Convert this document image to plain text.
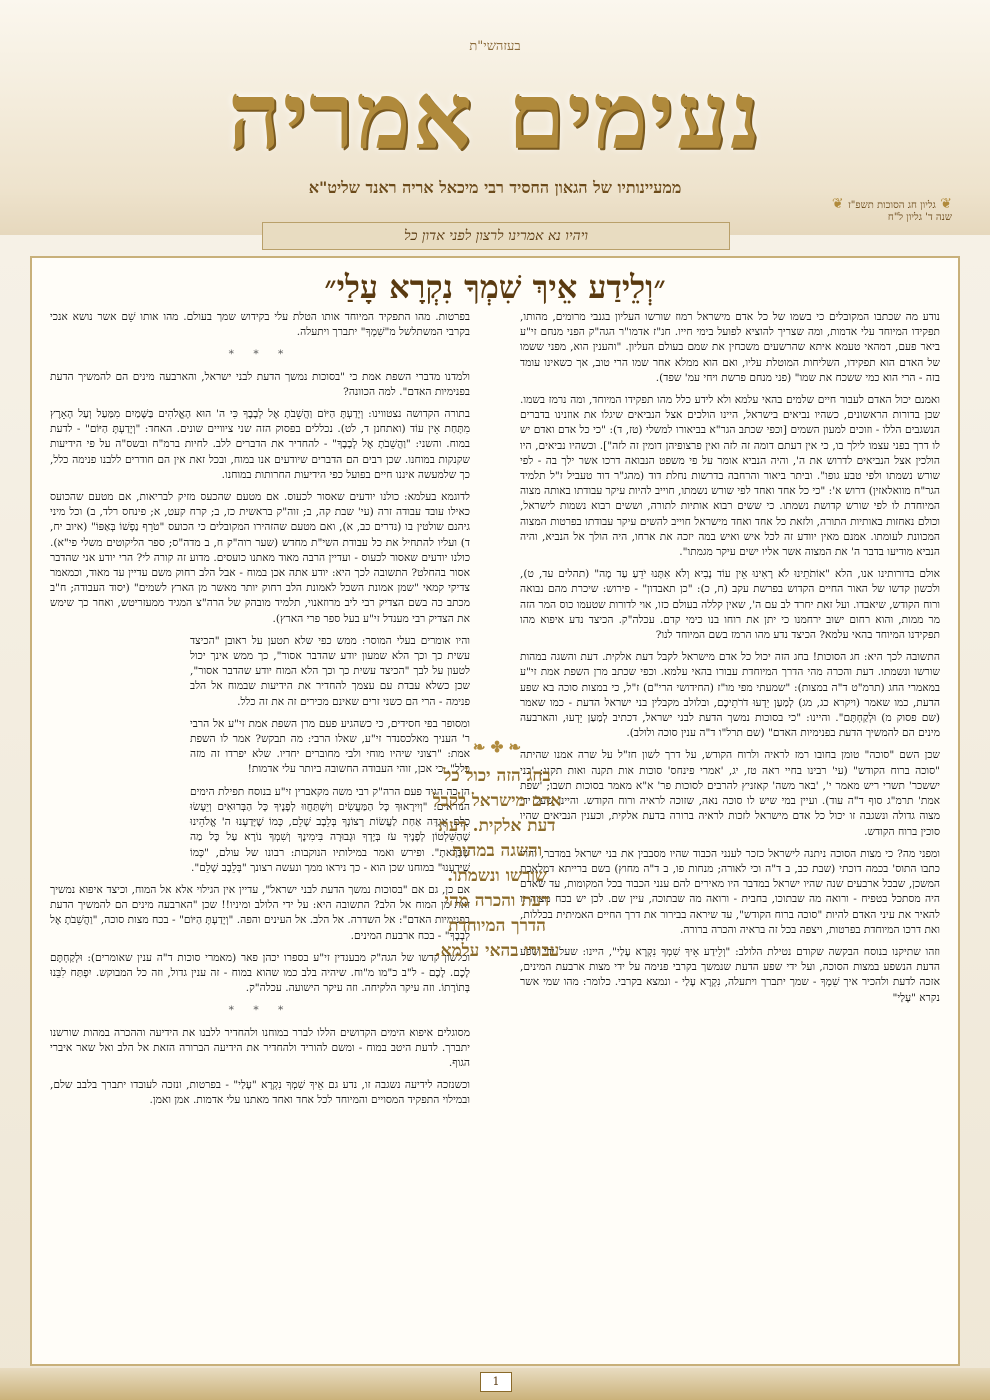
בעזהשי"ת
נעימים אמריה
ממעיינותיו של הגאון החסיד רבי מיכאל אריה ראנד שליט"א
❦ גליון חג הסוכות תשפ"ז ❦
שנה ד' גליון ל"ח
ויהיו נא אמרינו לרצון לפני אדון כל
״וְלֵידַע אֵיךְ שִׁמְךָ נִקְרָא עָלַי״

נודע מה שכתבו המקובלים כי בשמו של כל אדם מישראל רמוז שורשו העליון בגנבי מרומים, מהותו, תפקידו המיוחד עלי אדמות, ומה שצריך להוציא לפועל בימי חייו. חנ"ז אדמו"ר הגה"ק הפני מנחם זי"ע ביאר פעם, דמהאי טעמא איתא שהרשעים משכחין את שמם בעולם העליון. "והענין הוא, מפני ששמו של האדם הוא תפקידו, השליחות המוטלת עליו, ואם הוא ממלא אחר שמו הרי טוב, אך כשאינו עומד בזה - הרי הוא כמי ששכח את שמו" (פני מנחם פרשת ויחי עמ' שפד).

ואמנם יכול האדם לעבור חיים שלמים בהאי עלמא ולא לידע כלל מהו תפקידו המיוחד, ומה נרמז בשמו. שכן בדורות הראשונים, כשהיו נביאים בישראל, היינו הולכים אצל הנביאים שיגלו את אוזנינו בדברים הנשגבים הללו - וזוכים למעון השמים [וכפי שכתב הגר"א בביאורו למשלי (טז, ד): "כי כל אדם ואדם יש לו דרך בפני עצמו לילך בו, כי אין דעתם דומה זה לזה ואין פרצופיהן דומין זה לזה"]. וכשהיו נביאים, היו הולכין אצל הנביאים לדרוש את ה', והיה הנביא אומר על פי משפט הנבואה דרכו אשר ילך בה - לפי שורש נשמתו ולפי טבע גופו". וביתר ביאור והרחבה בדרשות נחלת דוד (מהג"ר דוד טעביל ז"ל תלמיד הגר"ח מוואלאזין) דרוש א': "כי כל אחד ואחד לפי שורש נשמתו, חוייב להיות עיקר עבודתו באותה מצוה המיוחדת לו לפי שורש קדושת נשמתו. כי ששים רבוא אותיות לתורה, וששים רבוא נשמות לישראל, וכולם נאחזות באותיות התורה, ולזאת כל אחד ואחד מישראל חוייב להשים עיקר עבודתו בפרטות המצוה המכוונת לעומתו. אמנם מאין יוודע זה לכל איש ואיש במה יזכה את ארחו, היה הולך אל הנביא, והיה הנביא מודיעו בדבר ה' את המצוה אשר אליו ישים עיקר מגמתו".

אולם בדורותינו אנו, הלא "אוֹתֹתֵינוּ לֹא רָאִינוּ אֵין עוֹד נָבִיא וְלֹא אִתָּנוּ יֹדֵעַ עַד מָה" (תהלים עד, ט), ולכשון קדשו של האור החיים הקדוש בפרשת עקב (ח, כ): "כן תאבדון" - פירוש: שיכרת מהם נבואה ורוח הקודש, שיאבדו. ועל זאת יחרד לב עם ה', שאין קללה בעולם כזו, אוי לדורות שטעמו כוס המר הזה מר ממות, והוא רחום ישוב ירחמנו כי יתן את רוחו בנו כימי קדם. עכלה"ק. הכיצד נדע איפוא מהו תפקידנו המיוחד בהאי עלמא? הכיצד נדע מהו הרמז בשם המיוחד לנו?

התשובה לכך היא: חג הסוכות! בחג הזה יכול כל אדם מישראל לקבל דעת אלקית. דעת והשגה במהות שורשו ונשמתו. דעת והכרה מהי הדרך המיוחדת עבורו בהאי עלמא. וכפי שכתב מרן השפת אמת זי"ע במאמרי החג (תרמ"ט ד"ה במצות): "שמעתי מפי מו"ז (החידושי הרי"ם) ז"ל, כי במצות סוכה בא שפע הדעת, כמו שאמר (ויקרא כג, מג) לְמַעַן יֵדְעוּ דֹרֹתֵיכֶם, ובלולב מקבלין בני ישראל הדעת - כמו שאמר (שם פסוק מ) וּלְקַחְתֶּם". והיינו: "כי בסוכות נמשך הדעת לבני ישראל, דכתיב לְמַעַן יֵדְעוּ, והארבעה מינים הם להמשיך הדעת בפנימיות האדם" (שם תרל"ו ד"ה ענין סוכה ולולב).

שכן השם "סוכה" טומן בחובו רמז לראיה ולרוח הקודש, על דרך לשון חז"ל על שרה אמנו שהיתה "סוכה ברוח הקודש" (עי' רבינו בחיי ראה טז, יג, 'אמרי פינחס' סוכות אות תקנה ואות תקנג; 'בני יששכר' תשרי ריש מאמר י', 'באר משה' קאזניץ להרבים לסוכות פר' א"א מאמר בסוכות תשבו; 'שפת אמת' תרמ"ג סוף ד"ה עוד). ועיין במי שיש לו סוכה נאה, שזוכה לראיה ורוח הקודש. והיינו שעל ידי מצוה גדולה ונשגבה זו יכול כל אדם מישראל לזכות לראיה ברורה בדעת אלקית, וכענין הנביאים שהיו סוכין ברוח הקודש.

ומפני מה? כי מצות הסוכה ניתנה לישראל כזכר לענני הכבוד שהיו מסבבין את בני ישראל במדבר, והרי כתבו התוס' בכמה דוכתי (שבת כב, ב ד"ה וכי לאורה; מנחות פו, ב ד"ה מחוץ) בשם ברייתא דמלאכת המשכן, שבכל ארבעים שנה שהיו ישראל במדבר היו מאירים להם ענני הכבוד בכל המקומות, עד שאדם היה מסתכל בטפיח - ורואה מה שבתוכו, בחבית - ורואה מה שבתוכה, עיין שם. לכן יש בכח מצוה זו להאיר את עיני האדם להיות "סוכה ברוח הקודש", עד שיראה בבירור את דרך החיים האמיתית בכללות, ואת דרכו המיוחדת בפרטות, ויצפה בכל זה בראיה והכרה ברורה.

וזהו שתיקנו בנוסח הבקשה שקודם נטילת הלולב: "וְלֵידַע אֵיךְ שִׁמְךָ נִקְרָא עָלַי", היינו: שעל ידי שפע הדעת הנשפע במצות הסוכה, ועל ידי שפע הדעת שנמשך בקרבי פנימה על ידי מצות ארבעת המינים, אזכה לדעת ולהכיר איך שִׁמְךָ - שמך יתברך ויתעלה, נִקְרָא עָלַי - ונמצא בקרבי. כלומר: מהו שמי אשר נקרא "עָלַי"

בפרטות. מהו התפקיד המיוחד אותו הטלת עלי בקידוש שמך בעולם. מהו אותו שֵׁם אשר נושא אנכי בקרבי המשתלשל מ"שִׁמְךָ" יתברך ויתעלה.

* * *

ולמדנו מדברי השפת אמת כי "בסוכות נמשך הדעת לבני ישראל, והארבעה מינים הם להמשיך הדעת בפנימיות האדם". למה הכוונה?

בתורה הקדושה נצטווינו: וְיָדַעְתָּ הַיּוֹם וַהֲשֵׁבֹתָ אֶל לְבָבֶךָ כִּי ה' הוּא הָאֱלֹהִים בַּשָּׁמַיִם מִמַּעַל וְעַל הָאָרֶץ מִתָּחַת אֵין עוֹד (ואתחנן ד, לט). נכללים בפסוק הזה שני ציוויים שונים. האחד: "וְיָדַעְתָּ הַיּוֹם" - לדעת במוח. והשני: "וַהֲשֵׁבֹתָ אֶל לְבָבֶךָ" - להחדיר את הדברים ללב. לחיות ברמ"ח ובשס"ה על פי הידיעות שקנקות במוחנו. שכן רבים הם הדברים שיודעים אנו במוח, ובכל זאת אין הם חודרים ללבנו פנימה כלל, כך שלמעשה איננו חיים בפועל כפי הידיעות החרותות במוחנו.

לדוגמא בעלמא: כולנו יודעים שאסור לכעוס. אם מטעם שהכעס מזיק לבריאות, אם מטעם שהכועס כאילו עובד עבודה זרה (עי' שבת קה, ב; זוה"ק בראשית כז, ב; קרח קעט, א; פינחס רלד, ב) וכל מיני גיהנם שולטין בו (נדרים כב, א), ואם מטעם שהזהירו המקובלים כי הכועס "טֹרֵף נַפְשׁוֹ בְּאַפּוֹ" (איוב יח, ד) ועליו להתחיל את כל עבודת השי"ת מחדש (שער רוה"ק ח, ב מדה"ס; ספר הליקוטים משלי פי"א). כולנו יודעים שאסור לכעוס - ועדיין הרבה מאוד מאתנו כועסים. מדוע זה קורה לי? הרי יודע אני שהדבר אסור בהחלט? התשובה לכך היא: יודע אתה אכן במוח - אבל הלב רחוק משם עדיין עד מאוד, וכמאמר צדיקי קמאי "שמן אמונת השכל לאמונת הלב רחוק יותר מאשר מן הארץ לשמים" (יסוד העבודה; ח"ב מכתב כה בשם הצדיק רבי ליב מרוזאנוי, תלמיד מובהק של הרה"צ המגיד ממעזריטש, ואחר כך שימש את הצדיק רבי מענדל זי"ע בעל ספר פרי הארץ).

והיו אומרים בעלי המוסר: ממש כפי שלא תטען על ראובן "הכיצד עשית כך וכך הלא שמעון יודע שהדבר אסור", כך ממש אינך יכול לטעון על לבך "הכיצד עשית כך וכך הלא המוח יודע שהדבר אסור", שכן כשלא עבדת עם עצמך להחדיר את הידיעות שבמוח אל הלב פנימה - הרי הם כשני זרים שאינם מכירים זה את זה כלל.

ומסופר בפי חסידים, כי כשהגיע פעם מרן השפת אמת זי"ע אל הרבי ר' העניך מאלכסנדר זי"ע, שאלו הרבי: מה תבקש? אמר לו השפת אמת: "רצוני שיהיו מוחי ולבי מחוברים יחדיו. שלא יפרדו זה מזה כלל". כי אכן, זוהי העבודה החשובה ביותר עלי אדמות!

הן כה הגיד פעם הרה"ק רבי משה מקאברין זי"ע בנוסח תפילת הימים הנוראים: "וְיִירָאוּךָ כָּל הַמַּעֲשִׂים וְיִשְׁתַּחֲווּ לְפָנֶיךָ כָּל הַבְּרוּאִים וְיֵעָשׂוּ כֻלָּם אֲגֻדָּה אַחַת לַעֲשׂוֹת רְצוֹנְךָ בְּלֵבָב שָׁלֵם, כְּמוֹ שֶׁיָּדַעְנוּ ה' אֱלֹהֵינוּ שֶׁהַשִּׁלְטוֹן לְפָנֶיךָ עֹז בְּיָדְךָ וּגְבוּרָה בִּימִינֶךָ וְשִׁמְךָ נוֹרָא עַל כָּל מַה שֶּׁבָּרָאתָ". ופירש ואמר במילותיו הנוקבות: רבונו של עולם, "כְּמוֹ שֶׁיָּדַעְנוּ" במוחנו שכן הוא - כך ניראו ממך ונעשה רצונך "בְּלֵבָב שָׁלֵם".

אם כן, גם אם "בסוכות נמשך הדעת לבני ישראל", עדיין אין הגילוי אלא אל המוח, וכיצד איפוא נמשיך זאת מן המוח אל הלב? התשובה היא: על ידי הלולב ומיניו!! שכן "הארבעה מינים הם להמשיך הדעת בפנימיות האדם": אל השדרה. אל הלב. אל העינים והפה. "וְיָדַעְתָּ הַיּוֹם" - בכח מצות סוכה, "וַהֲשֵׁבֹתָ אֶל לְבָבֶךָ" - בכח ארבעת המינים.

וכלשון קדשו של הגה"ק מבענדין זי"ע בספרו יכהן פאר (מאמרי סוכות ד"ה ענין שאומרים): וּלְקַחְתֶּם לָכֶם. לָכֶם - ל"ב כ"מו מ"וח. שיהיה בלב כמו שהוא במוח - זה ענין גדול, וזה כל המבוקש. יִפְתַּח לִבֵּנוּ בְּתוֹרָתוֹ. וזה עיקר הלקיחה. וזה עיקר הישועה. עכלה"ק.

* * *

מסוגלים איפוא הימים הקדושים הללו לברר במוחנו ולהחדיר ללבנו את הידיעה וההכרה במהות שורשנו יתברך. לדעת היטב במוח - ומשם להוריד ולהחדיר את הידיעה הברורה הזאת אל הלב ואל שאר איברי הגוף.

וכשנזכה לידיעה נשגבה זו, נדע גם אֵיךְ שִׁמְךָ נִקְרָא "עָלַי" - בפרטות, ונזכה לעובדו יתברך בלבב שלם, ובמילוי התפקיד המסויים והמיוחד לכל אחד ואחד מאתנו עלי אדמות. אמן ואמן.

❧ ✤ ❧
בחג הזה יכול כל אדם מישראל לקבל דעת אלקית. דעת והשגה במהות שורשו ונשמתו. דעת והכרה מהי הדרך המיוחדת עבורו בהאי עלמא.
1
